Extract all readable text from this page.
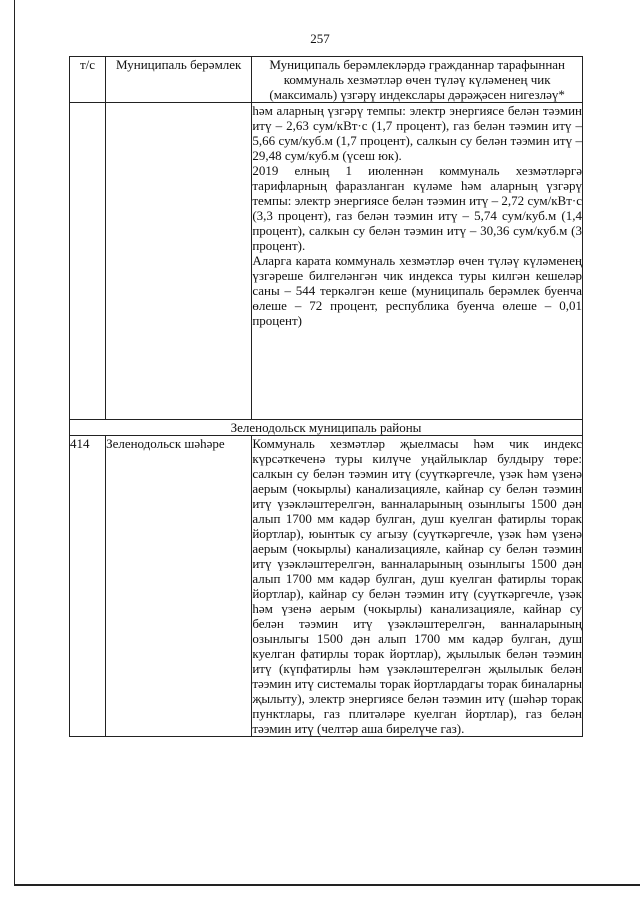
257
т/с	Муниципаль берәмлек	Муниципаль берәмлекләрдә гражданнар тарафыннан коммуналь хезмәтләр өчен түләү күләменең чик (максималь) үзгәрү индекслары дәрәҗәсен нигезләү*

		һәм аларның үзгәрү темпы: электр энергиясе белән тәэмин итү – 2,63 сум/кВт·с (1,7 процент), газ белән тәэмин итү – 5,66 сум/куб.м (1,7 процент), салкын су белән тәэмин итү – 29,48 сум/куб.м (үсеш юк).

2019 елның 1 июленнән коммуналь хезмәтләргә тарифларның фаразланган күләме һәм аларның үзгәрү темпы: электр энергиясе белән тәэмин итү – 2,72 сум/кВт·с (3,3 процент), газ белән тәэмин итү – 5,74 сум/куб.м (1,4 процент), салкын су белән тәэмин итү – 30,36 сум/куб.м (3 процент).

Аларга карата коммуналь хезмәтләр өчен түләү күләменең үзгәреше билгеләнгән чик индекса туры килгән кешеләр саны – 544 теркәлгән кеше (муниципаль берәмлек буенча өлеше – 72 процент, республика буенча өлеше – 0,01 процент)

Зеленодольск муниципаль районы		
414	Зеленодольск шәһәре	Коммуналь хезмәтләр җыелмасы һәм чик индекс күрсәткеченә туры килүче уңайлыклар булдыру төре: салкын су белән тәэмин итү (суүткәргечле, үзәк һәм үзенә аерым (чокырлы) канализацияле, кайнар су белән тәэмин итү үзәкләштерелгән, ванналарының озынлыгы 1500 дән алып 1700 мм кадәр булган, душ куелган фатирлы торак йортлар), юынтык су агызу (суүткәргечле, үзәк һәм үзенә аерым (чокырлы) канализацияле, кайнар су белән тәэмин итү үзәкләштерелгән, ванналарының озынлыгы 1500 дән алып 1700 мм кадәр булган, душ куелган фатирлы торак йортлар), кайнар су белән тәэмин итү (суүткәргечле, үзәк һәм үзенә аерым (чокырлы) канализацияле, кайнар су белән тәэмин итү үзәкләштерелгән, ванналарының озынлыгы 1500 дән алып 1700 мм кадәр булган, душ куелган фатирлы торак йортлар), җылылык белән тәэмин итү (күпфатирлы һәм үзәкләштерелгән җылылык белән тәэмин итү системалы торак йортлардагы торак биналарны җылыту), электр энергиясе белән тәэмин итү (шәһәр торак пунктлары, газ плитәләре куелган йортлар), газ белән тәэмин итү (челтәр аша бирелүче газ).
